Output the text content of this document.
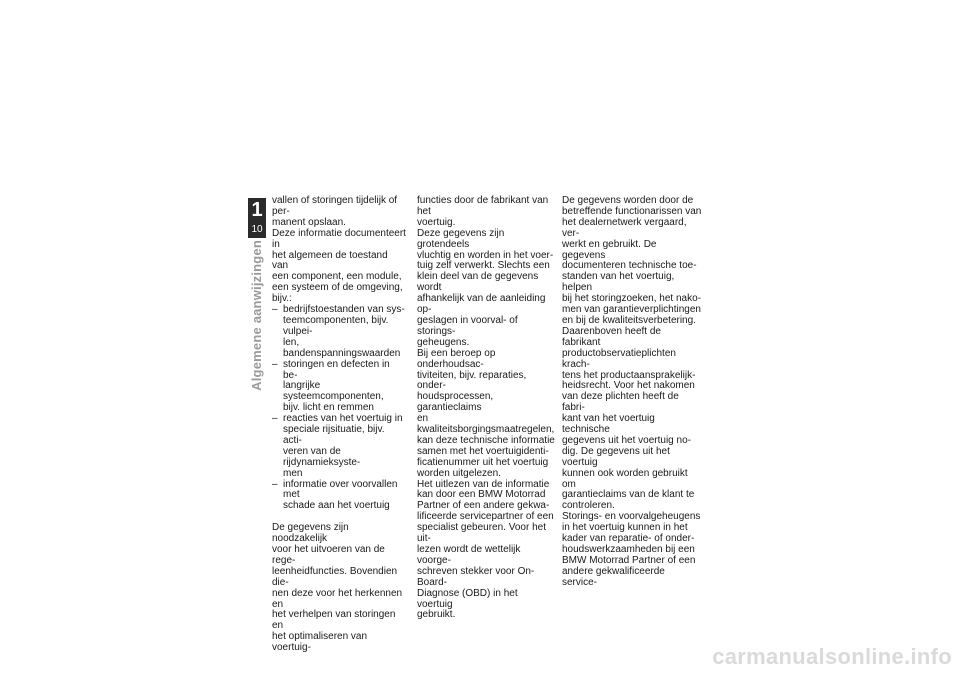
1
10
Algemene aanwijzingen

vallen of storingen tijdelijk of per-

manent opslaan.

Deze informatie documenteert in

het algemeen de toestand van

een component, een module,

een systeem of de omgeving,

bijv.:

– bedrijfstoestanden van sys-

teemcomponenten, bijv. vulpei-

len, bandenspanningswaarden

– storingen en defecten in be-

langrijke systeemcomponenten,

bijv. licht en remmen

– reacties van het voertuig in

speciale rijsituatie, bijv. acti-

veren van de rijdynamieksyste-

men

– informatie over voorvallen met

schade aan het voertuig

De gegevens zijn noodzakelijk

voor het uitvoeren van de rege-

leenheidfuncties. Bovendien die-

nen deze voor het herkennen en

het verhelpen van storingen en

het optimaliseren van voertuig-

functies door de fabrikant van het

voertuig.

Deze gegevens zijn grotendeels

vluchtig en worden in het voer-

tuig zelf verwerkt. Slechts een

klein deel van de gegevens wordt

afhankelijk van de aanleiding op-

geslagen in voorval- of storings-

geheugens.

Bij een beroep op onderhoudsac-

tiviteiten, bijv. reparaties, onder-

houdsprocessen, garantieclaims

en kwaliteitsborgingsmaatregelen,

kan deze technische informatie

samen met het voertuigidenti-

ficatienummer uit het voertuig

worden uitgelezen.

Het uitlezen van de informatie

kan door een BMW Motorrad

Partner of een andere gekwa-

lificeerde servicepartner of een

specialist gebeuren. Voor het uit-

lezen wordt de wettelijk voorge-

schreven stekker voor On-Board-

Diagnose (OBD) in het voertuig

gebruikt.

De gegevens worden door de

betreffende functionarissen van

het dealernetwerk vergaard, ver-

werkt en gebruikt. De gegevens

documenteren technische toe-

standen van het voertuig, helpen

bij het storingzoeken, het nako-

men van garantieverplichtingen

en bij de kwaliteitsverbetering.

Daarenboven heeft de fabrikant

productobservatieplichten krach-

tens het productaansprakelijk-

heidsrecht. Voor het nakomen

van deze plichten heeft de fabri-

kant van het voertuig technische

gegevens uit het voertuig no-

dig. De gegevens uit het voertuig

kunnen ook worden gebruikt om

garantieclaims van de klant te

controleren.

Storings- en voorvalgeheugens

in het voertuig kunnen in het

kader van reparatie- of onder-

houdswerkzaamheden bij een

BMW Motorrad Partner of een

andere gekwalificeerde service-

carmanualsonline.info
